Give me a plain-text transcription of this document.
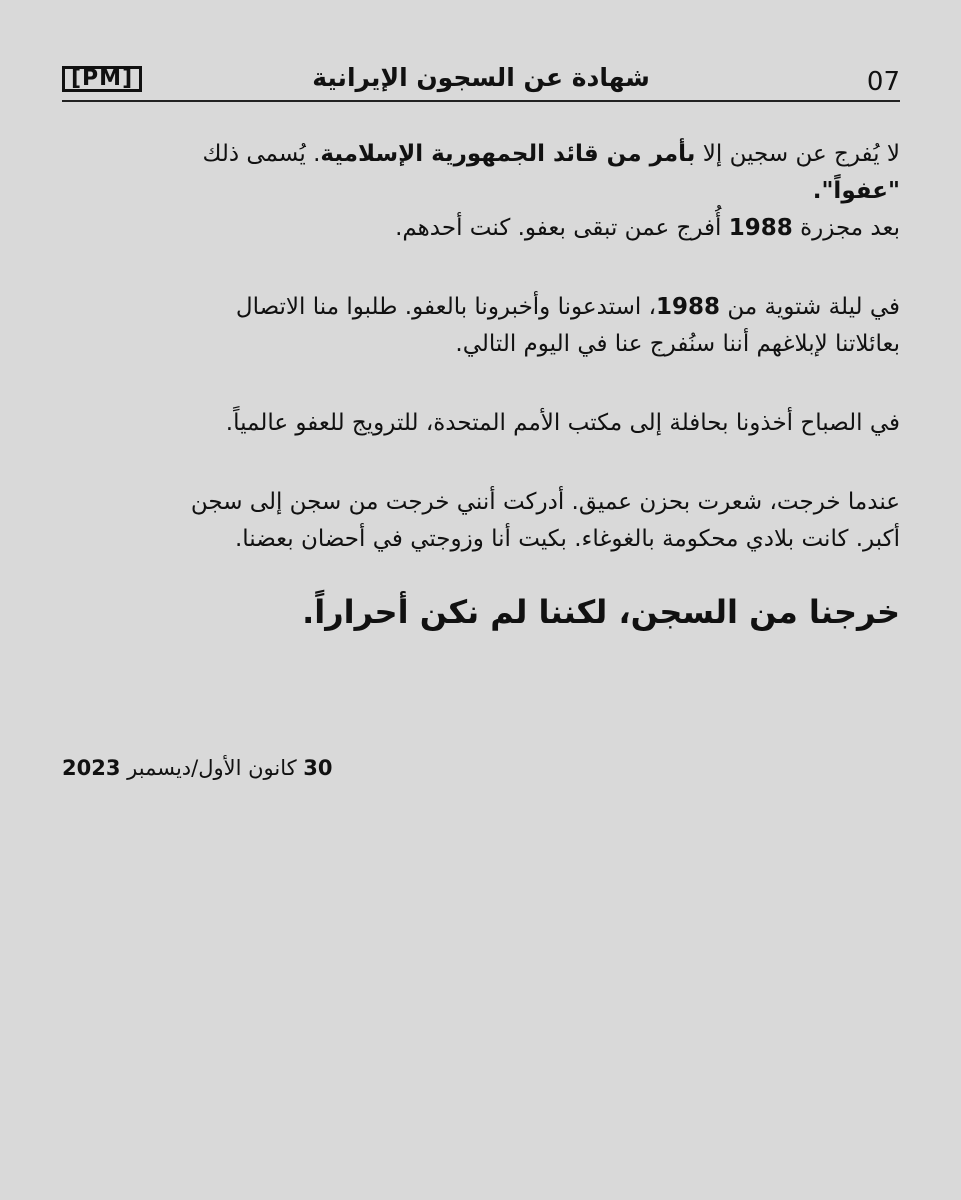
[PM]	شهادة عن السجون الإيرانية	07

لا يُفرج عن سجين إلا بأمر من قائد الجمهورية الإسلامية. يُسمى ذلك
"عفواً".
بعد مجزرة 1988 أُفرج عمن تبقى بعفو. كنت أحدهم.

في ليلة شتوية من 1988، استدعونا وأخبرونا بالعفو. طلبوا منا الاتصال
بعائلاتنا لإبلاغهم أننا سنُفرج عنا في اليوم التالي.

في الصباح أخذونا بحافلة إلى مكتب الأمم المتحدة، للترويج للعفو عالمياً.

عندما خرجت، شعرت بحزن عميق. أدركت أنني خرجت من سجن إلى سجن
أكبر. كانت بلادي محكومة بالغوغاء. بكيت أنا وزوجتي في أحضان بعضنا.

خرجنا من السجن، لكننا لم نكن أحراراً.

30 كانون الأول/ديسمبر 2023
